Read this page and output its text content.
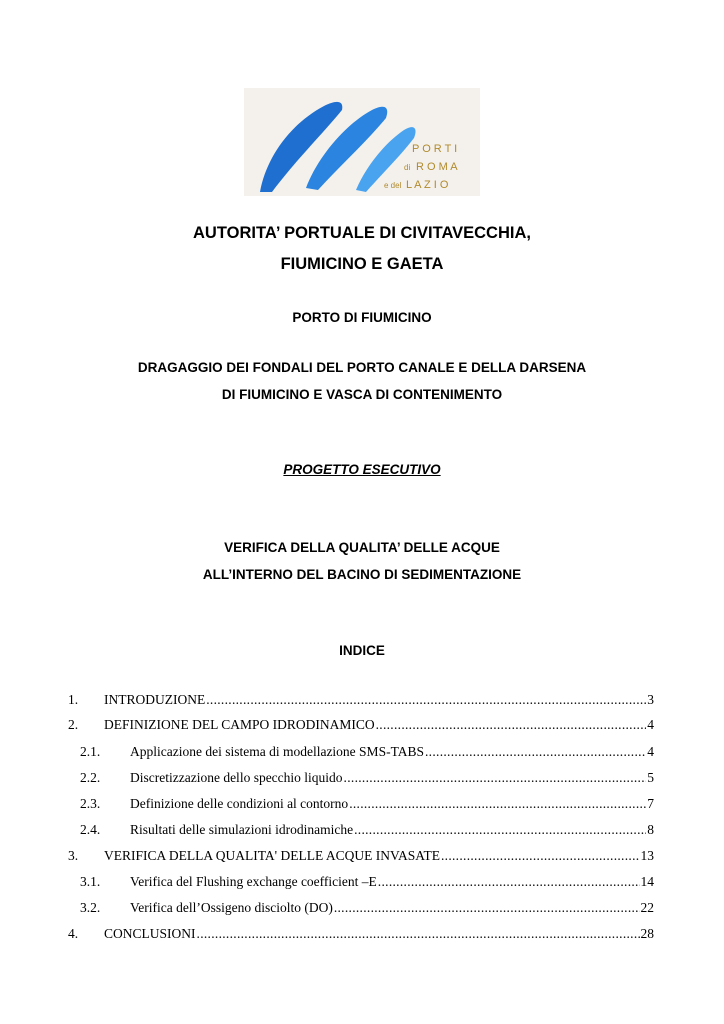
P O R T I
di R O M A
e del L A Z I O
AUTORITA’ PORTUALE DI CIVITAVECCHIA,
FIUMICINO E GAETA
PORTO DI FIUMICINO
DRAGAGGIO DEI FONDALI DEL PORTO CANALE E DELLA DARSENA
DI FIUMICINO E VASCA DI CONTENIMENTO
PROGETTO ESECUTIVO
VERIFICA DELLA QUALITA’ DELLE ACQUE
ALL’INTERNO DEL BACINO DI SEDIMENTAZIONE
INDICE
1.	INTRODUZIONE .....	3
2.	DEFINIZIONE DEL CAMPO IDRODINAMICO .....	4
2.1.	Applicazione dei sistema di modellazione SMS-TABS .....	4
2.2.	Discretizzazione dello specchio liquido .....	5
2.3.	Definizione delle condizioni al contorno .....	7
2.4.	Risultati delle simulazioni idrodinamiche .....	8
3.	VERIFICA DELLA QUALITA' DELLE ACQUE INVASATE .....	13
3.1.	Verifica del Flushing exchange coefficient –E .....	14
3.2.	Verifica dell’Ossigeno disciolto (DO) .....	22
4.	CONCLUSIONI .....	28
